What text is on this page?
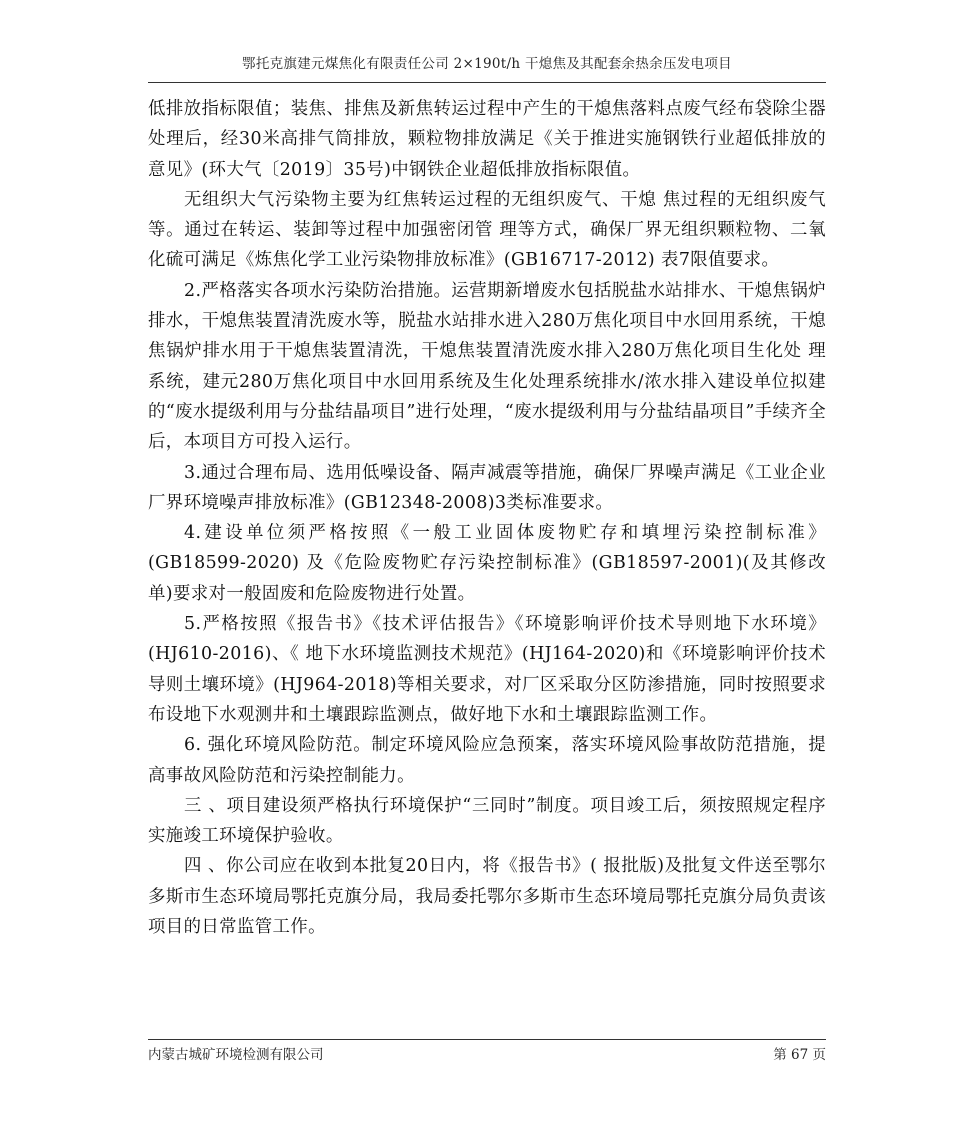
鄂托克旗建元煤焦化有限责任公司 2×190t/h 干熄焦及其配套余热余压发电项目

低排放指标限值；装焦、排焦及新焦转运过程中产生的干熄焦落料点废气经布袋除尘器处理后，经30米高排气筒排放，颗粒物排放满足《关于推进实施钢铁行业超低排放的意见》(环大气〔2019〕35号)中钢铁企业超低排放指标限值。

无组织大气污染物主要为红焦转运过程的无组织废气、干熄 焦过程的无组织废气等。通过在转运、装卸等过程中加强密闭管 理等方式，确保厂界无组织颗粒物、二氧化硫可满足《炼焦化学工业污染物排放标准》(GB16717-2012) 表7限值要求。

2.严格落实各项水污染防治措施。运营期新增废水包括脱盐水站排水、干熄焦锅炉排水，干熄焦装置清洗废水等，脱盐水站排水进入280万焦化项目中水回用系统，干熄焦锅炉排水用于干熄焦装置清洗，干熄焦装置清洗废水排入280万焦化项目生化处 理系统，建元280万焦化项目中水回用系统及生化处理系统排水/浓水排入建设单位拟建的“废水提级利用与分盐结晶项目”进行处理，“废水提级利用与分盐结晶项目”手续齐全后，本项目方可投入运行。

3.通过合理布局、选用低噪设备、隔声减震等措施，确保厂界噪声满足《工业企业厂界环境噪声排放标准》(GB12348-2008)3类标准要求。

4.建设单位须严格按照《一般工业固体废物贮存和填埋污染控制标准》(GB18599-2020) 及《危险废物贮存污染控制标准》(GB18597-2001)(及其修改单)要求对一般固废和危险废物进行处置。

5.严格按照《报告书》《技术评估报告》《环境影响评价技术导则地下水环境》(HJ610-2016)、《 地下水环境监测技术规范》(HJ164-2020)和《环境影响评价技术导则土壤环境》(HJ964-2018)等相关要求，对厂区采取分区防渗措施，同时按照要求布设地下水观测井和土壤跟踪监测点，做好地下水和土壤跟踪监测工作。

6. 强化环境风险防范。制定环境风险应急预案，落实环境风险事故防范措施，提高事故风险防范和污染控制能力。

三 、项目建设须严格执行环境保护“三同时”制度。项目竣工后，须按照规定程序实施竣工环境保护验收。

四 、你公司应在收到本批复20日内，将《报告书》( 报批版)及批复文件送至鄂尔多斯市生态环境局鄂托克旗分局，我局委托鄂尔多斯市生态环境局鄂托克旗分局负责该项目的日常监管工作。

内蒙古城矿环境检测有限公司	第 67 页
